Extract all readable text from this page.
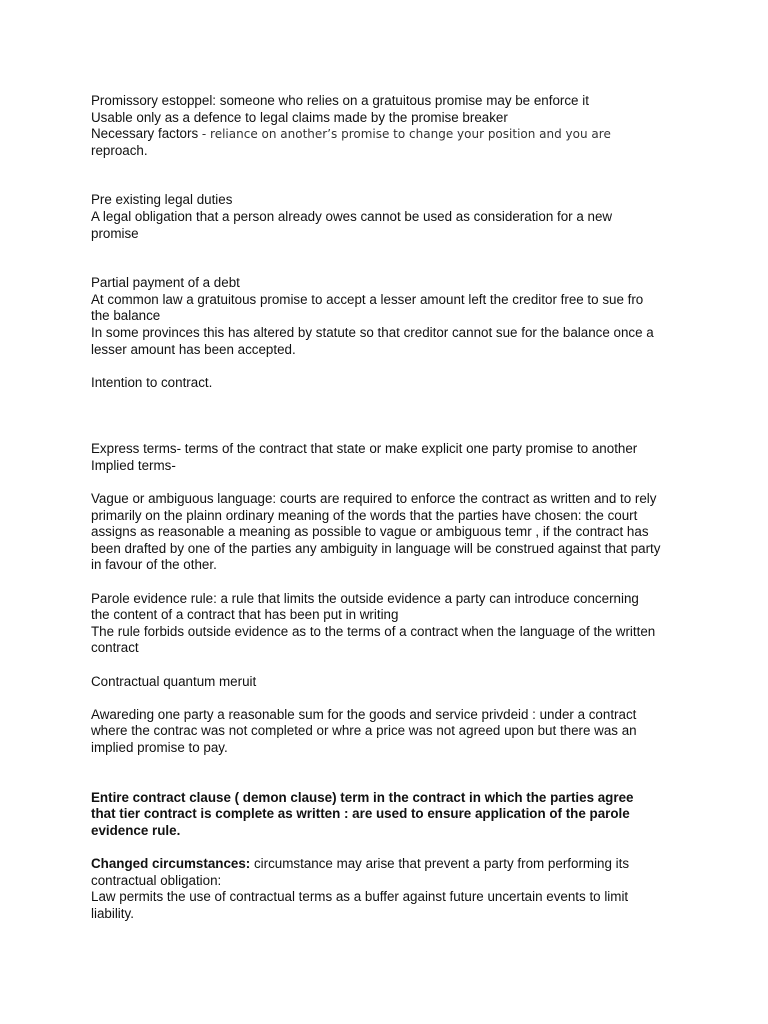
Promissory estoppel: someone who relies on a gratuitous promise may be enforce it
Usable only as a defence to legal claims made by the promise breaker
Necessary factors - reliance on another’s promise to change your position and you are
reproach.
Pre existing legal duties
A legal obligation that a person already owes cannot be used as consideration for a new
promise
Partial payment of a debt
At common law a gratuitous promise to accept a lesser amount left the creditor free to sue fro
the balance
In some provinces this has altered by statute so that creditor cannot sue for the balance once a
lesser amount has been accepted.
Intention to contract.
Express terms- terms of the contract that state or make explicit one party promise to another
Implied terms-
Vague or ambiguous language: courts are required to enforce the contract as written and to rely
primarily on the plainn ordinary meaning of the words that the parties have chosen: the court
assigns as reasonable a meaning as possible to vague or ambiguous temr , if the contract has
been drafted by one of the parties any ambiguity in language will be construed against that party
in favour of the other.
Parole evidence rule: a rule that limits the outside evidence a party can introduce concerning
the content of a contract that has been put in writing
The rule forbids outside evidence as to the terms of a contract when the language of the written
contract
Contractual quantum meruit
Awareding one party a reasonable sum for the goods and service privdeid : under a contract
where the contrac was not completed or whre a price was not agreed upon but there was an
implied promise to pay.
Entire contract clause ( demon clause) term in the contract in which the parties agree
that tier contract is complete as written : are used to ensure application of the parole
evidence rule.
Changed circumstances: circumstance may arise that prevent a party from performing its
contractual obligation:
Law permits the use of contractual terms as a buffer against future uncertain events to limit
liability.
